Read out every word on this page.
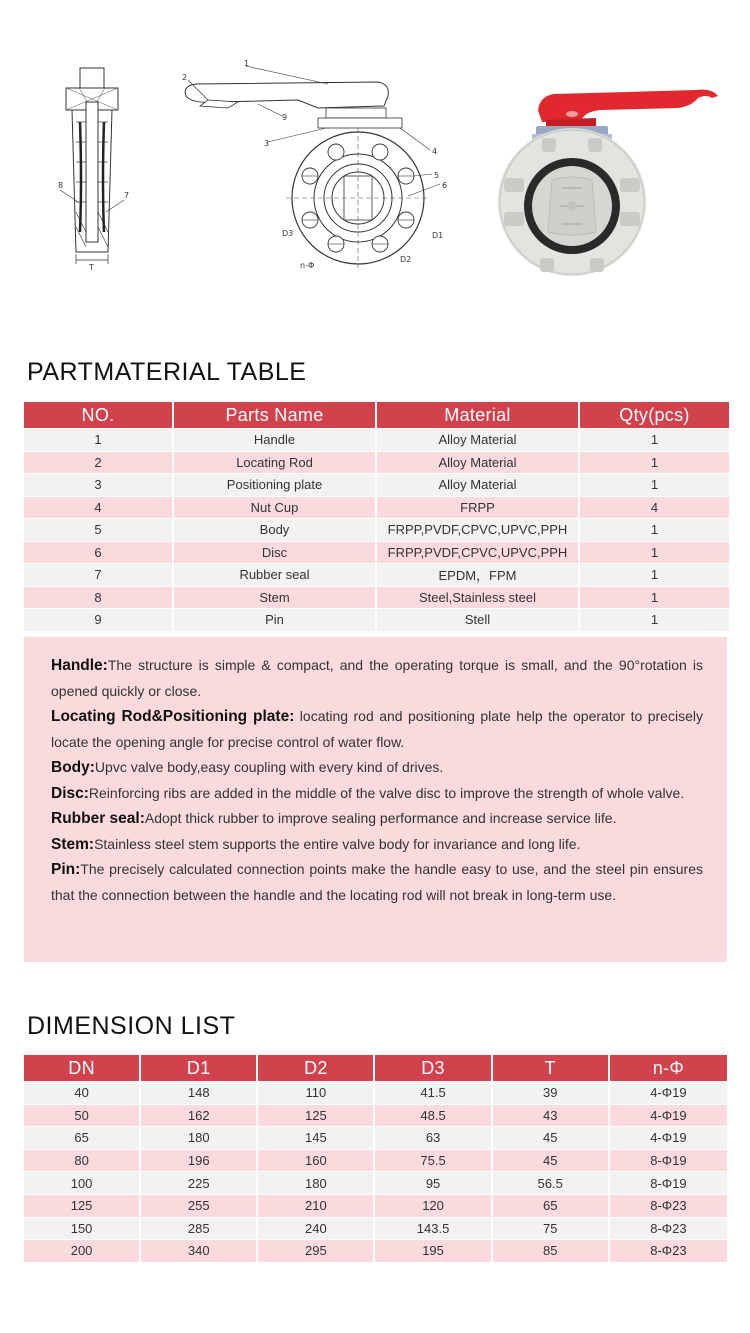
8
7
T
1
2
9
3
4
5
6
D3
n-Φ
D2
D1
PARTMATERIAL TABLE
NO.	Parts Name	Material	Qty(pcs)
1	Handle	Alloy Material	1
2	Locating Rod	Alloy Material	1
3	Positioning plate	Alloy Material	1
4	Nut Cup	FRPP	4
5	Body	FRPP,PVDF,CPVC,UPVC,PPH	1
6	Disc	FRPP,PVDF,CPVC,UPVC,PPH	1
7	Rubber seal	EPDM，FPM	1
8	Stem	Steel,Stainless steel	1
9	Pin	Stell	1

Handle:The structure is simple & compact, and the operating torque is small, and the 90°rotation is opened quickly or close.

Locating Rod&Positioning plate: locating rod and positioning plate help the operator to precisely locate the opening angle for precise control of water flow.

Body:Upvc valve body,easy coupling with every kind of drives.

Disc:Reinforcing ribs are added in the middle of the valve disc to improve the strength of whole valve.

Rubber seal:Adopt thick rubber to improve sealing performance and increase service life.

Stem:Stainless steel stem supports the entire valve body for invariance and long life.

Pin:The precisely calculated connection points make the handle easy to use, and the steel pin ensures that the connection between the handle and the locating rod will not break in long-term use.

DIMENSION LIST
DN	D1	D2	D3	T	n-Φ
40	148	110	41.5	39	4-Φ19
50	162	125	48.5	43	4-Φ19
65	180	145	63	45	4-Φ19
80	196	160	75.5	45	8-Φ19
100	225	180	95	56.5	8-Φ19
125	255	210	120	65	8-Φ23
150	285	240	143.5	75	8-Φ23
200	340	295	195	85	8-Φ23
